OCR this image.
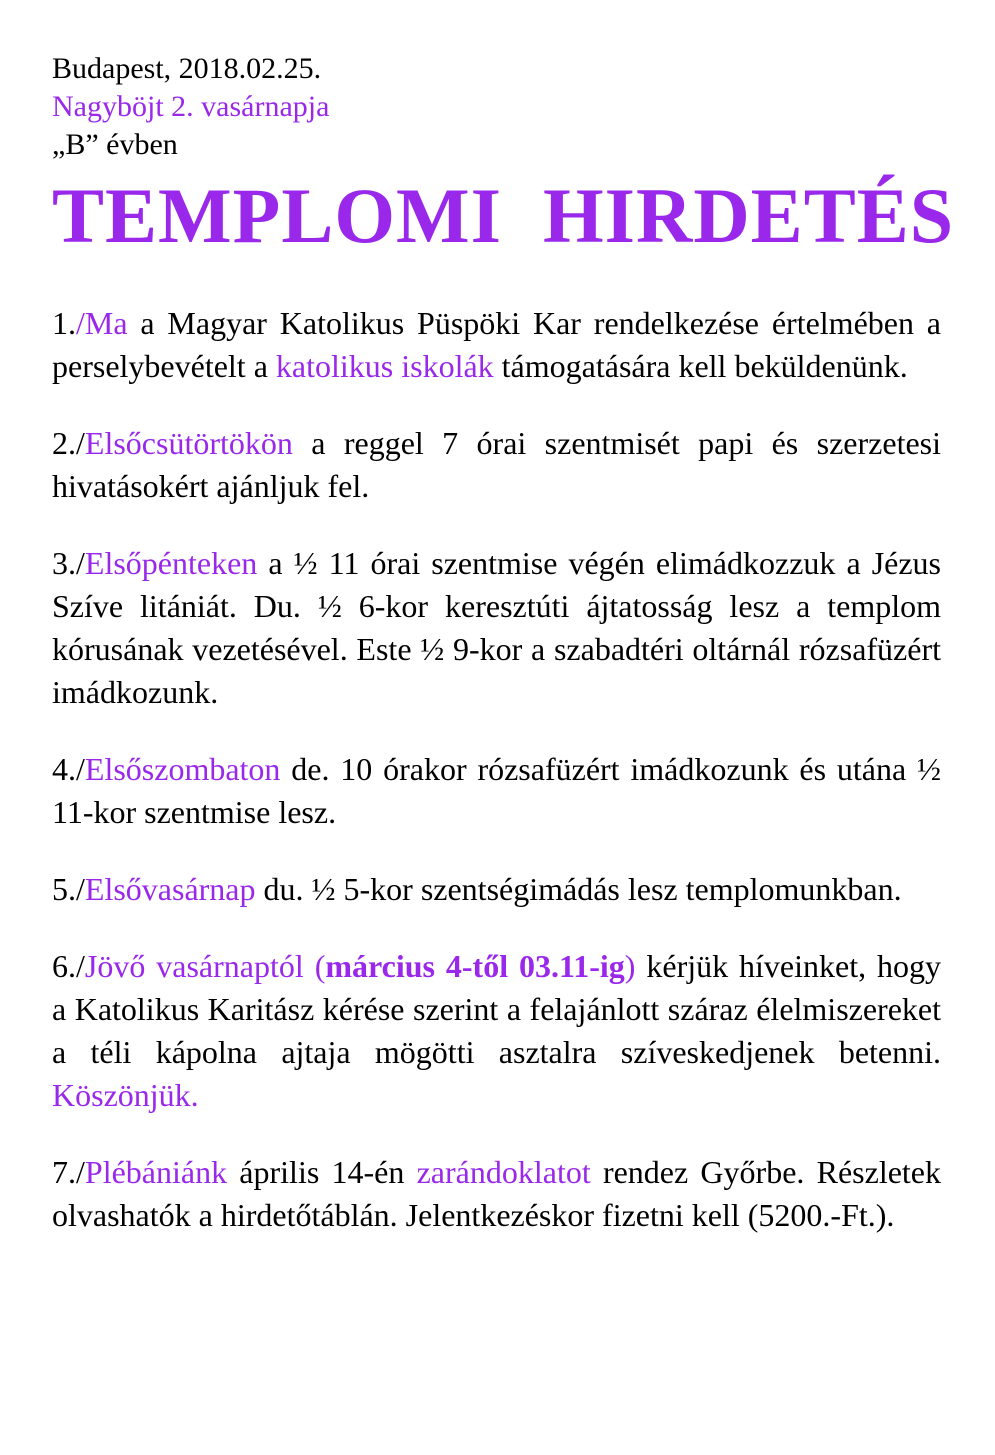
Budapest, 2018.02.25.
Nagyböjt 2. vasárnapja
„B” évben
TEMPLOMI  HIRDETÉS

1./Ma a Magyar Katolikus Püspöki Kar rendelkezése értelmében a perselybevételt a katolikus iskolák támogatására kell beküldenünk.

2./Elsőcsütörtökön a reggel 7 órai szentmisét papi és szerzetesi hivatásokért ajánljuk fel.

3./Elsőpénteken a ½ 11 órai szentmise végén elimádkozzuk a Jézus Szíve litániát. Du. ½ 6-kor keresztúti ájtatosság lesz a templom kórusának vezetésével. Este ½ 9-kor a szabadtéri oltárnál rózsafüzért imádkozunk.

4./Elsőszombaton de. 10 órakor rózsafüzért imádkozunk és utána ½ 11-kor szentmise lesz.

5./Elsővasárnap du. ½ 5-kor szentségimádás lesz templomunkban.

6./Jövő vasárnaptól (március 4-től 03.11-ig) kérjük híveinket, hogy a Katolikus Karitász kérése szerint a felajánlott száraz élelmiszereket a téli kápolna ajtaja mögötti asztalra szíveskedjenek betenni. Köszönjük.

7./Plébániánk április 14-én zarándoklatot rendez Győrbe. Részletek olvashatók a hirdetőtáblán. Jelentkezéskor fizetni kell (5200.-Ft.).
